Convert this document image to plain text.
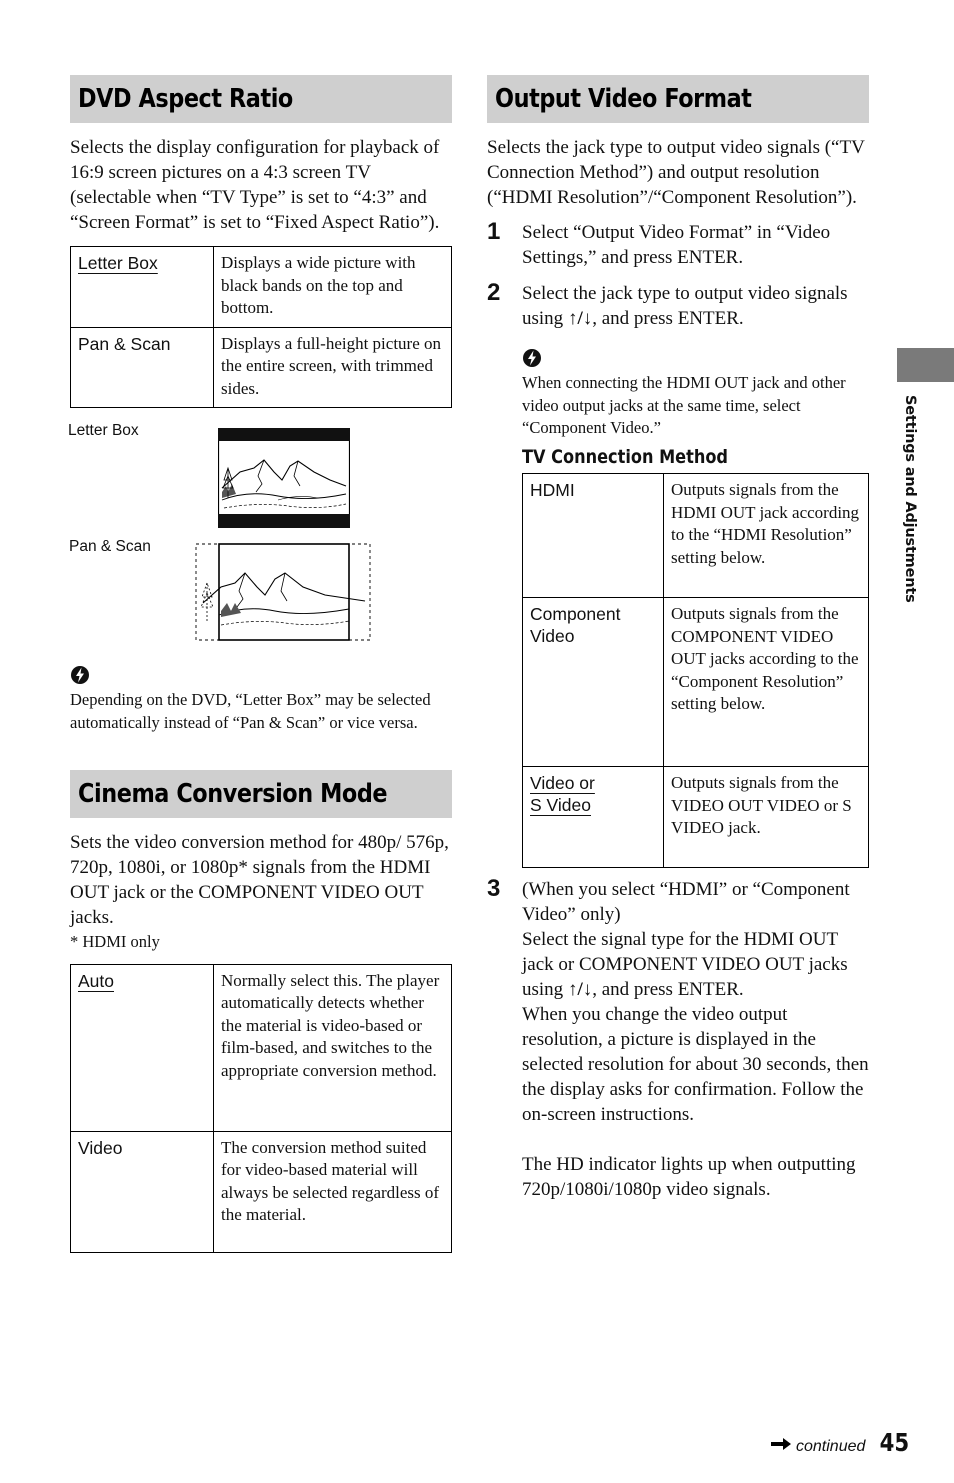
DVD Aspect Ratio

Selects the display configuration for playback of 16:9 screen pictures on a 4:3 screen TV (selectable when “TV Type” is set to “4:3” and “Screen Format” is set to “Fixed Aspect Ratio”).

Letter Box	Displays a wide picture with black bands on the top and bottom.
Pan & Scan	Displays a full-height picture on the entire screen, with trimmed sides.
Letter Box
Pan & Scan

Depending on the DVD, “Letter Box” may be selected automatically instead of “Pan & Scan” or vice versa.

Cinema Conversion Mode

Sets the video conversion method for 480p/ 576p, 720p, 1080i, or 1080p* signals from the HDMI OUT jack or the COMPONENT VIDEO OUT jacks.

* HDMI only

Auto	Normally select this. The player automatically detects whether the material is video-based or film-based, and switches to the appropriate conversion method.
Video	The conversion method suited for video-based material will always be selected regardless of the material.
Output Video Format

Selects the jack type to output video signals (“TV Connection Method”) and output resolution (“HDMI Resolution”/“Component Resolution”).

1	Select “Output Video Format” in “Video Settings,” and press ENTER.
2	Select the jack type to output video signals using ↑/↓, and press ENTER.

When connecting the HDMI OUT jack and other video output jacks at the same time, select “Component Video.”

TV Connection Method
HDMI	Outputs signals from the HDMI OUT jack according to the “HDMI Resolution” setting below.

Component
Video	Outputs signals from the COMPONENT VIDEO OUT jacks according to the “Component Resolution” setting below.

Video or
S Video	Outputs signals from the VIDEO OUT VIDEO or S VIDEO jack.
3	(When you select “HDMI” or “Component Video” only)
Select the signal type for the HDMI OUT jack or COMPONENT VIDEO OUT jacks using ↑/↓, and press ENTER.
When you change the video output resolution, a picture is displayed in the selected resolution for about 30 seconds, then the display asks for confirmation. Follow the on-screen instructions.
The HD indicator lights up when outputting 720p/1080i/1080p video signals.
Settings and Adjustments
continued 45
